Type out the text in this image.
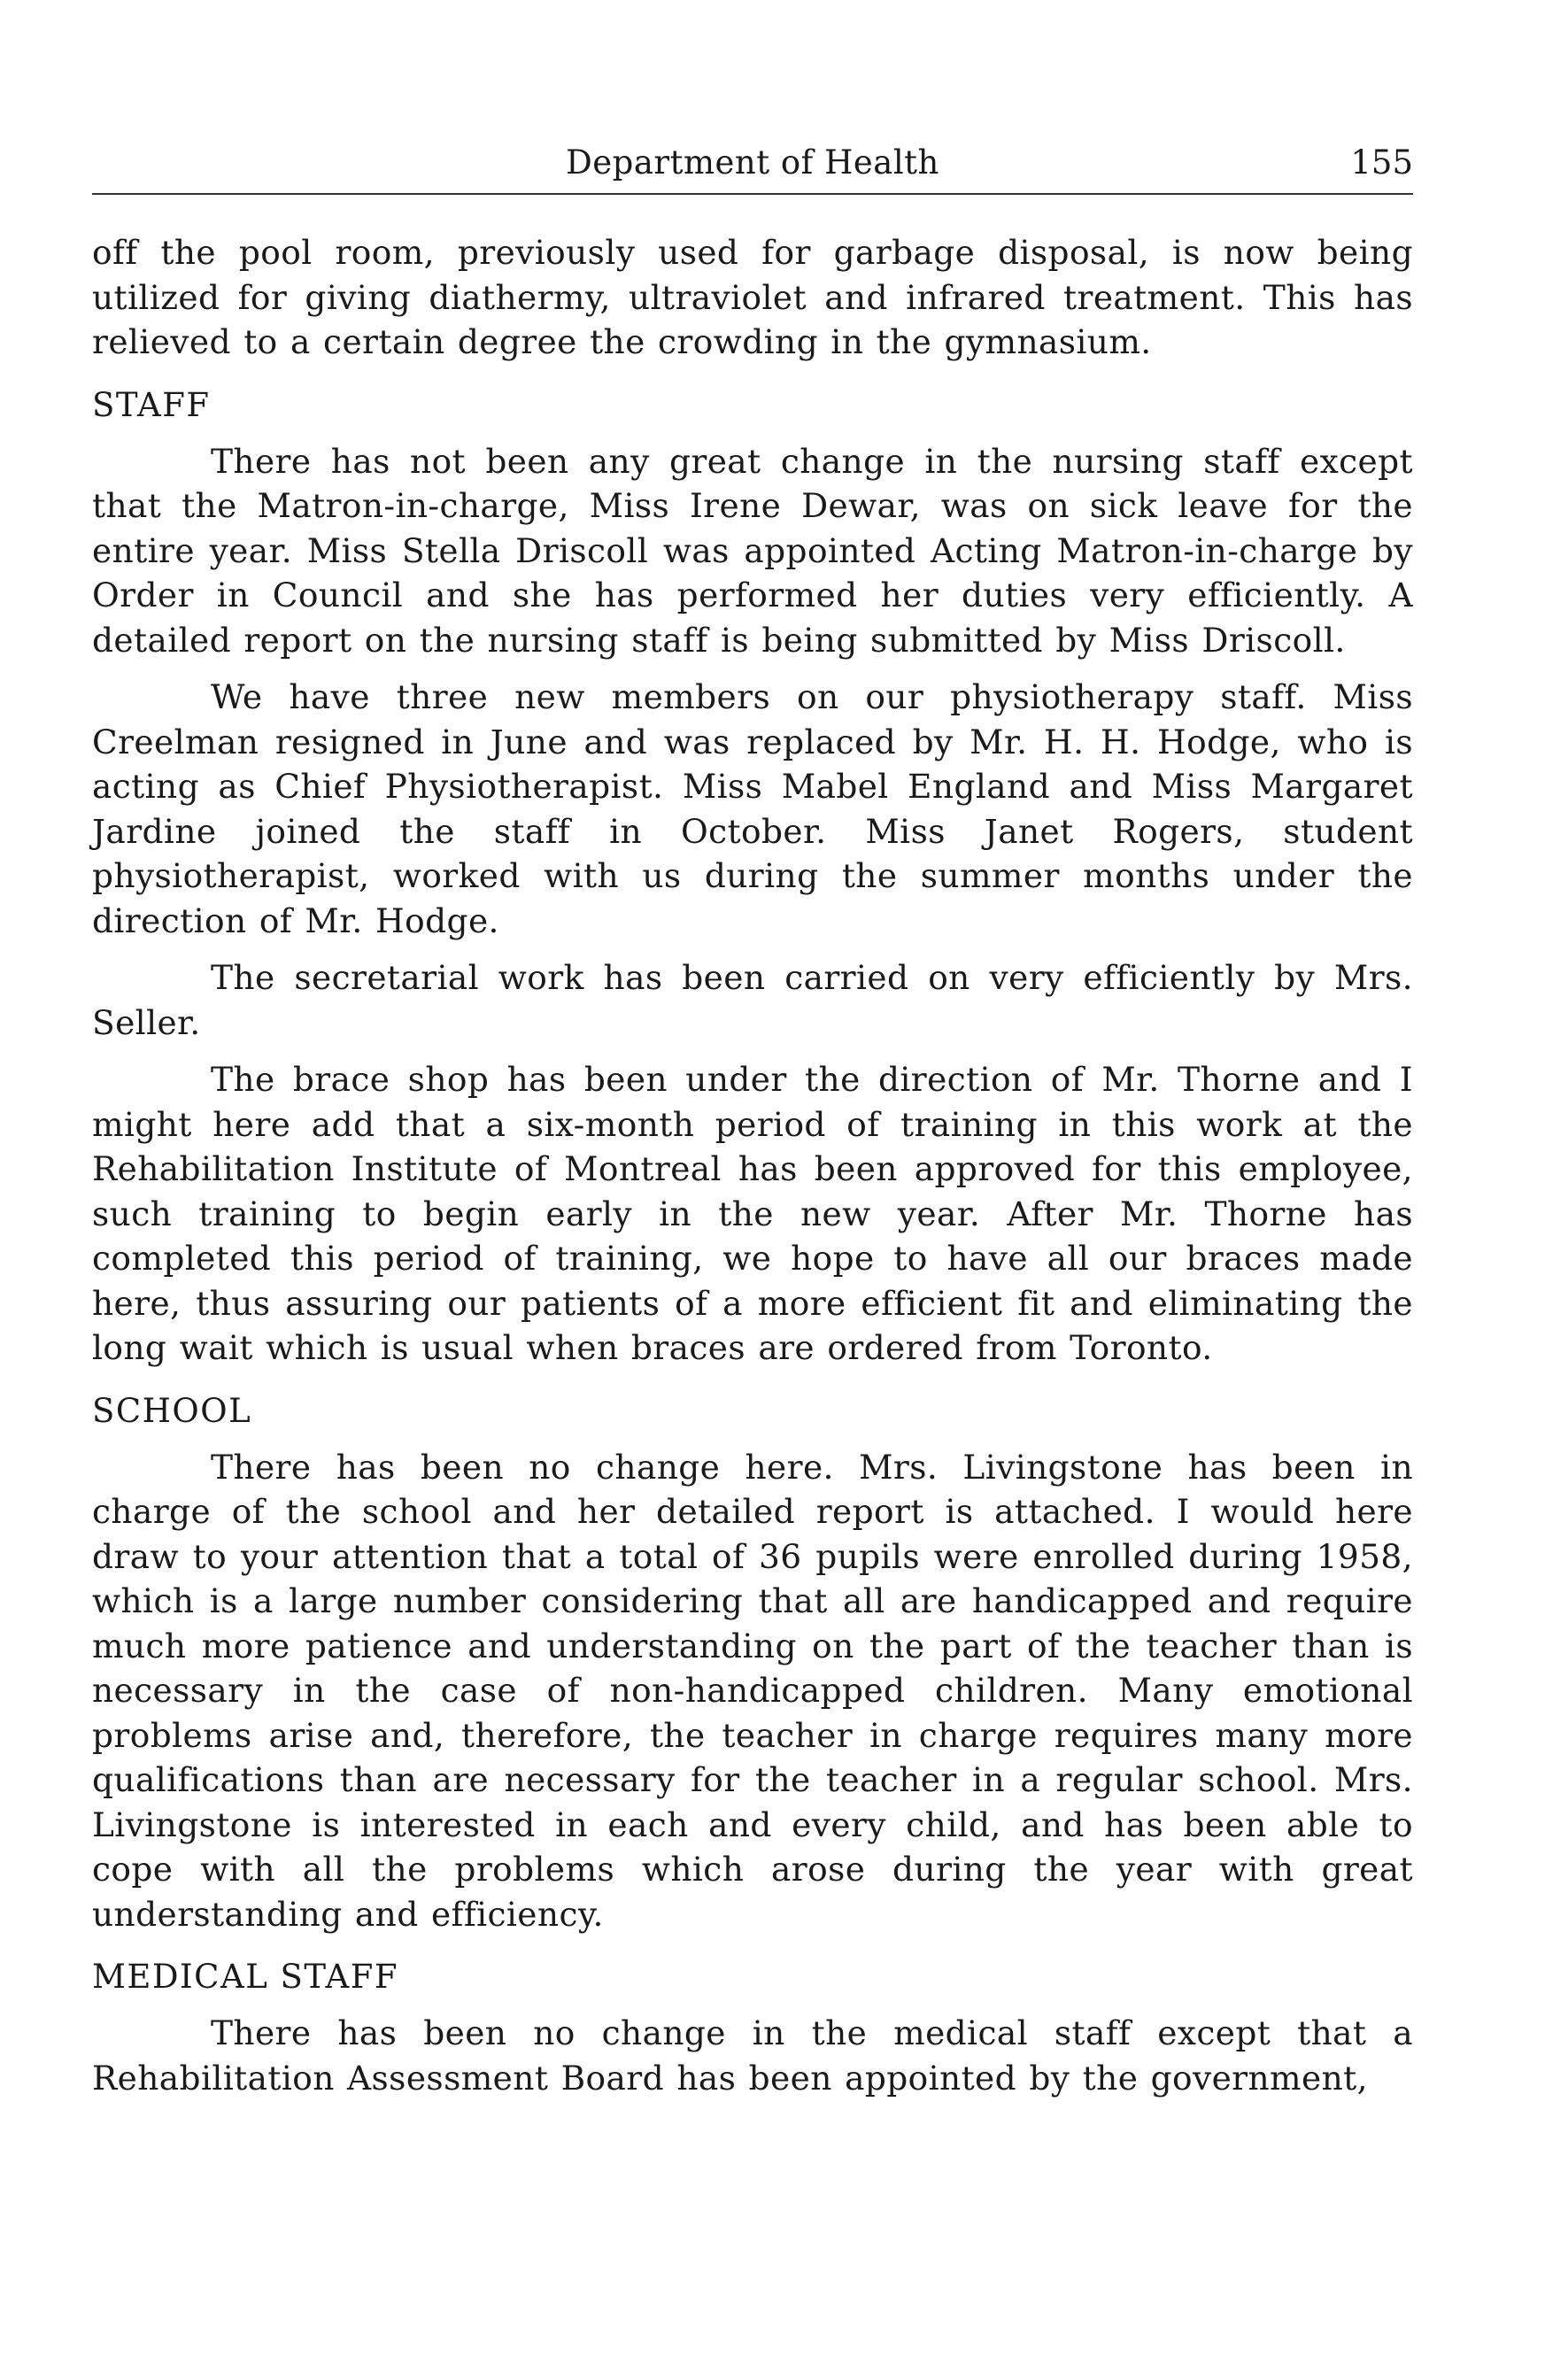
Department of Health	155

off the pool room, previously used for garbage disposal, is now being utilized for giving diathermy, ultraviolet and infrared treatment. This has relieved to a certain degree the crowding in the gymnasium.

STAFF

There has not been any great change in the nursing staff except that the Matron-in-charge, Miss Irene Dewar, was on sick leave for the entire year. Miss Stella Driscoll was appointed Acting Matron-in-charge by Order in Council and she has performed her duties very efficiently. A detailed report on the nursing staff is being submitted by Miss Driscoll.

We have three new members on our physiotherapy staff. Miss Creelman resigned in June and was replaced by Mr. H. H. Hodge, who is acting as Chief Physiotherapist. Miss Mabel England and Miss Margaret Jardine joined the staff in October. Miss Janet Rogers, student physiotherapist, worked with us during the summer months under the direction of Mr. Hodge.

The secretarial work has been carried on very efficiently by Mrs. Seller.

The brace shop has been under the direction of Mr. Thorne and I might here add that a six-month period of training in this work at the Rehabilitation Institute of Montreal has been approved for this employee, such training to begin early in the new year. After Mr. Thorne has completed this period of training, we hope to have all our braces made here, thus assuring our patients of a more efficient fit and eliminating the long wait which is usual when braces are ordered from Toronto.

SCHOOL

There has been no change here. Mrs. Livingstone has been in charge of the school and her detailed report is attached. I would here draw to your attention that a total of 36 pupils were enrolled during 1958, which is a large number considering that all are handicapped and require much more patience and understanding on the part of the teacher than is necessary in the case of non-handicapped children. Many emotional problems arise and, therefore, the teacher in charge requires many more qualifications than are necessary for the teacher in a regular school. Mrs. Livingstone is interested in each and every child, and has been able to cope with all the problems which arose during the year with great understanding and efficiency.

MEDICAL STAFF

There has been no change in the medical staff except that a Rehabilitation Assessment Board has been appointed by the government,
